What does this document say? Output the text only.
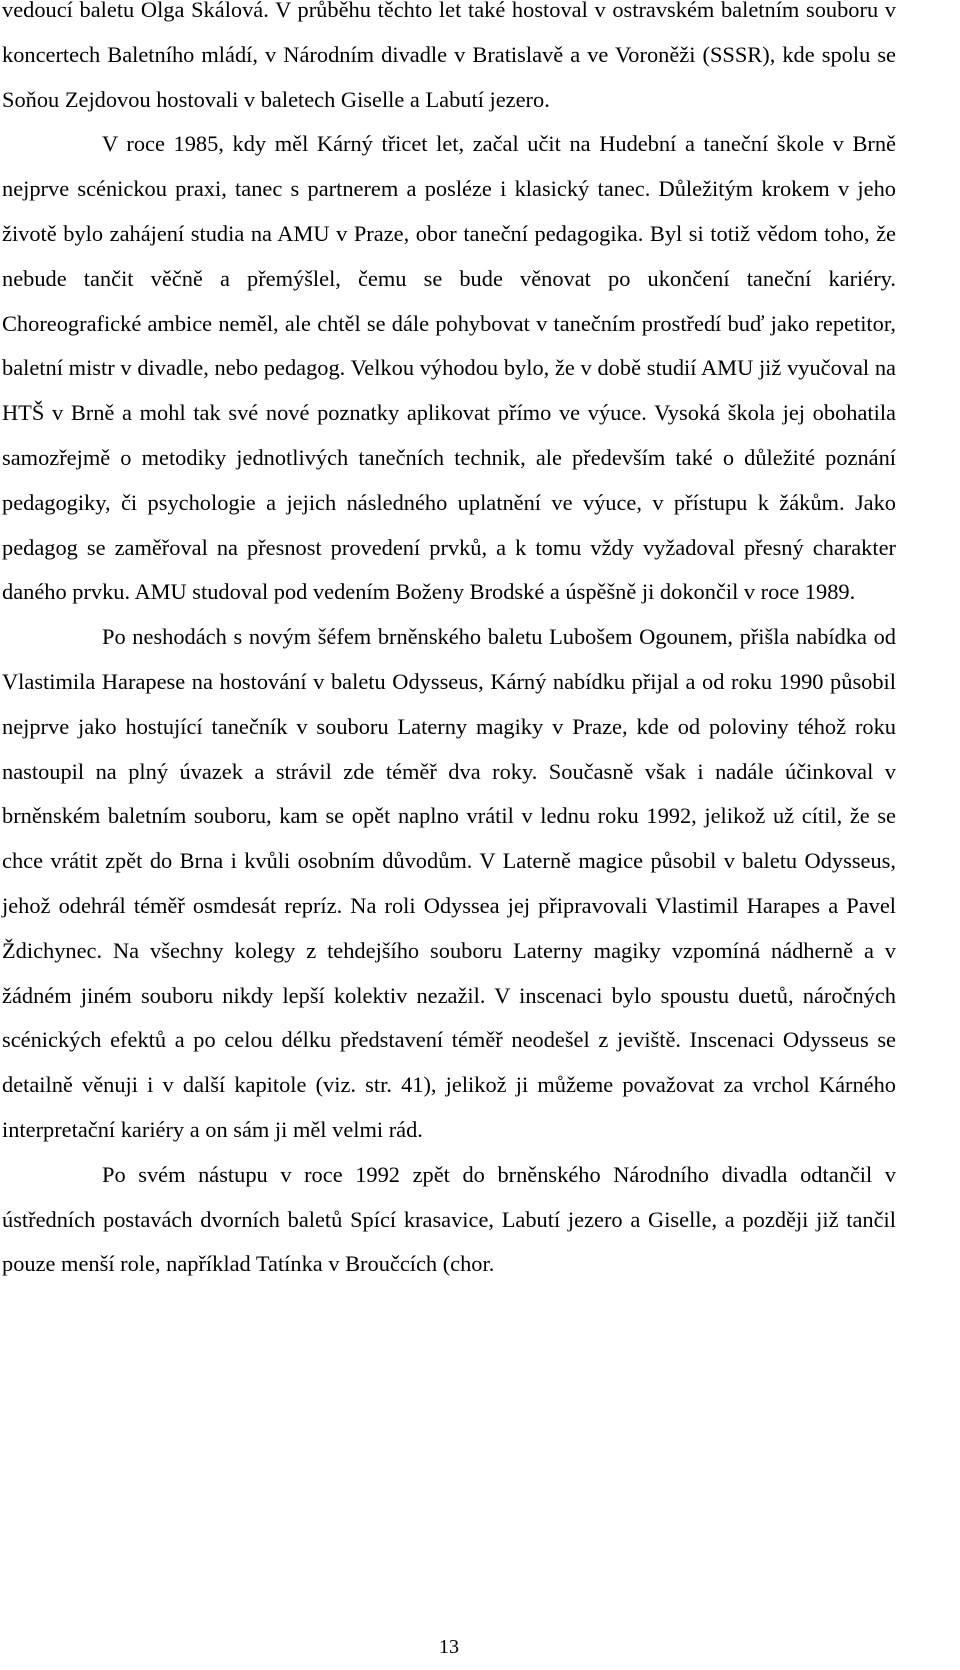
vedoucí baletu Olga Skálová. V průběhu těchto let také hostoval v ostravském baletním souboru v koncertech Baletního mládí, v Národním divadle v Bratislavě a ve Voroněži (SSSR), kde spolu se Soňou Zejdovou hostovali v baletech Giselle a Labutí jezero.

V roce 1985, kdy měl Kárný třicet let, začal učit na Hudební a taneční škole v Brně nejprve scénickou praxi, tanec s partnerem a posléze i klasický tanec. Důležitým krokem v jeho životě bylo zahájení studia na AMU v Praze, obor taneční pedagogika. Byl si totiž vědom toho, že nebude tančit věčně a přemýšlel, čemu se bude věnovat po ukončení taneční kariéry. Choreografické ambice neměl, ale chtěl se dále pohybovat v tanečním prostředí buď jako repetitor, baletní mistr v divadle, nebo pedagog. Velkou výhodou bylo, že v době studií AMU již vyučoval na HTŠ v Brně a mohl tak své nové poznatky aplikovat přímo ve výuce. Vysoká škola jej obohatila samozřejmě o metodiky jednotlivých tanečních technik, ale především také o důležité poznání pedagogiky, či psychologie a jejich následného uplatnění ve výuce, v přístupu k žákům. Jako pedagog se zaměřoval na přesnost provedení prvků, a k tomu vždy vyžadoval přesný charakter daného prvku. AMU studoval pod vedením Boženy Brodské a úspěšně ji dokončil v roce 1989.

Po neshodách s novým šéfem brněnského baletu Lubošem Ogounem, přišla nabídka od Vlastimila Harapese na hostování v baletu Odysseus, Kárný nabídku přijal a od roku 1990 působil nejprve jako hostující tanečník v souboru Laterny magiky v Praze, kde od poloviny téhož roku nastoupil na plný úvazek a strávil zde téměř dva roky. Současně však i nadále účinkoval v brněnském baletním souboru, kam se opět naplno vrátil v lednu roku 1992, jelikož už cítil, že se chce vrátit zpět do Brna i kvůli osobním důvodům. V Laterně magice působil v baletu Odysseus, jehož odehrál téměř osmdesát repríz. Na roli Odyssea jej připravovali Vlastimil Harapes a Pavel Ždichynec. Na všechny kolegy z tehdejšího souboru Laterny magiky vzpomíná nádherně a v žádném jiném souboru nikdy lepší kolektiv nezažil. V inscenaci bylo spoustu duetů, náročných scénických efektů a po celou délku představení téměř neodešel z jeviště. Inscenaci Odysseus se detailně věnuji i v další kapitole (viz. str. 41), jelikož ji můžeme považovat za vrchol Kárného interpretační kariéry a on sám ji měl velmi rád.

Po svém nástupu v roce 1992 zpět do brněnského Národního divadla odtančil v ústředních postavách dvorních baletů Spící krasavice, Labutí jezero a Giselle, a později již tančil pouze menší role, například Tatínka v Broučcích (chor.

13
